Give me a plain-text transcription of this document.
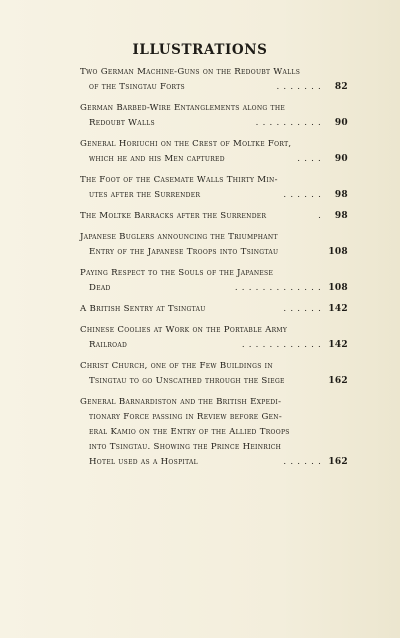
ILLUSTRATIONS
Two German Machine-Guns on the Redoubt Walls
of the Tsingtau Forts	.......	82
German Barbed-Wire Entanglements along the
Redoubt Walls	..........	90
General Horiuchi on the Crest of Moltke Fort,
which he and his Men captured	....	90
The Foot of the Casemate Walls Thirty Min-
utes after the Surrender	......	98
The Moltke Barracks after the Surrender	.	98
Japanese Buglers announcing the Triumphant
Entry of the Japanese Troops into Tsingtau	108
Paying Respect to the Souls of the Japanese
Dead	............. 108
A British Sentry at Tsingtau	...... 142
Chinese Coolies at Work on the Portable Army
Railroad	............ 142
Christ Church, one of the Few Buildings in
Tsingtau to go Unscathed through the Siege	162
General Barnardiston and the British Expedi-
tionary Force passing in Review before Gen-
eral Kamio on the Entry of the Allied Troops
into Tsingtau. Showing the Prince Heinrich
Hotel used as a Hospital	...... 162
